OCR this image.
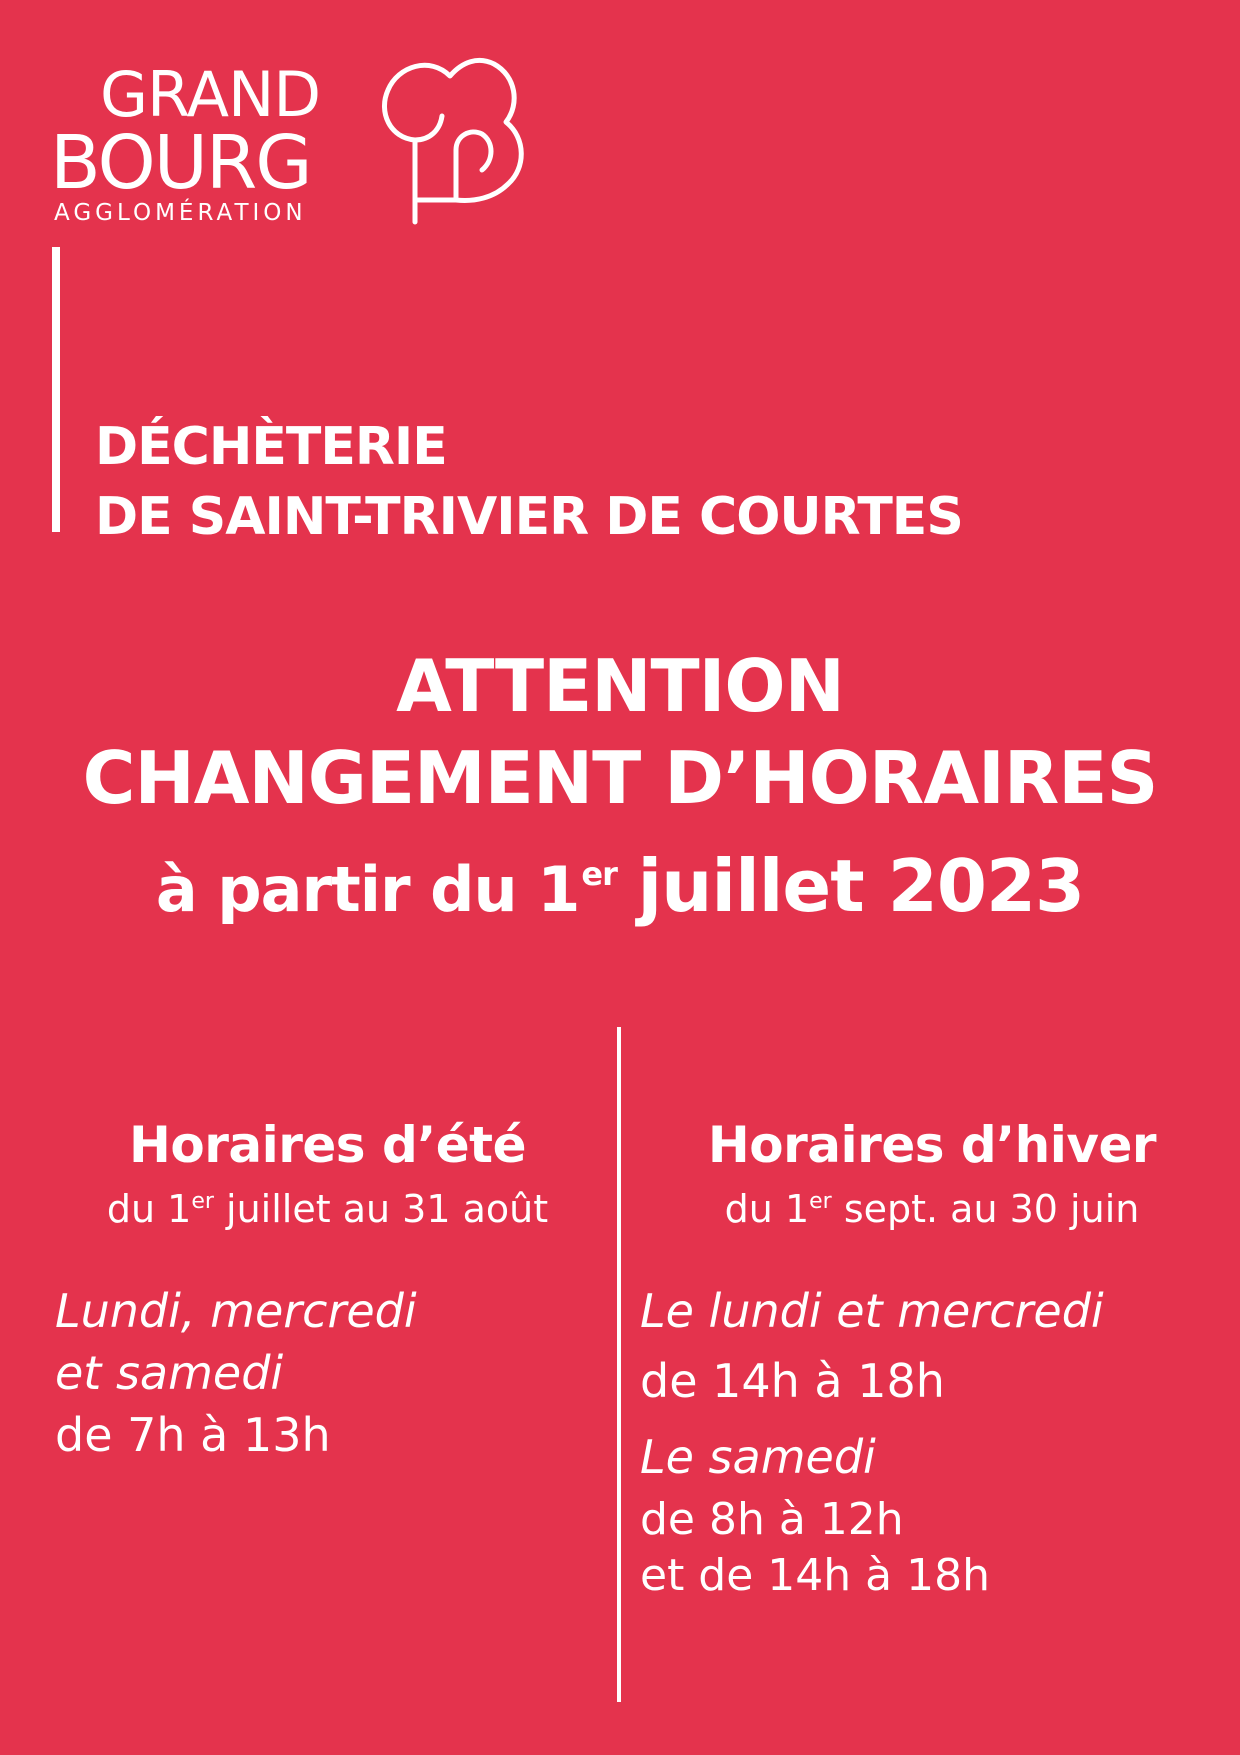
GRAND
BOURG
AGGLOMÉRATION
DÉCHÈTERIE
DE SAINT-TRIVIER DE COURTES
ATTENTION
CHANGEMENT D’HORAIRES
à partir du 1er juillet 2023
Horaires d’été
du 1er juillet au 31 août
Lundi, mercredi
et samedi
de 7h à 13h
Horaires d’hiver
du 1er sept. au 30 juin
Le lundi et mercredi
de 14h à 18h
Le samedi
de 8h à 12h
et de 14h à 18h
